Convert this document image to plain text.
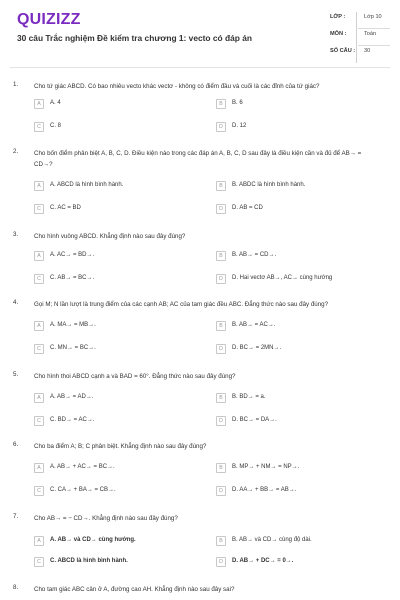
QUIZIZZ
30 câu Trắc nghiệm Đề kiểm tra chương 1: vecto có đáp án
LỚP :	Lớp 10
MÔN :	Toán
SỐ CÂU : 30
1.	Cho tứ giác ABCD. Có bao nhiêu vecto khác vectơ - không có điểm đầu và cuối là các đỉnh của tứ giác?
A	A. 4	B	B. 6
C	C. 8	D	D. 12
2.	Cho bốn điểm phân biệt A, B, C, D. Điều kiện nào trong các đáp án A, B, C, D sau đây là điều kiện cần và đủ để AB→ = CD→?
A	A. ABCD là hình bình hành.	B	B. ABDC là hình bình hành.
C	C. AC = BD	D	D. AB = CD
3.	Cho hình vuông ABCD. Khẳng định nào sau đây đúng?
A	A. AC→ = BD→.	B	B. AB→ = CD→.
C	C. AB→ = BC→.	D	D. Hai vectơ AB→, AC→ cùng hướng
4.	Gọi M; N lần lượt là trung điểm của các cạnh AB; AC của tam giác đều ABC. Đẳng thức nào sau đây đúng?
A	A. MA→ = MB→.	B	B. AB→ = AC→.
C	C. MN→ = BC→.	D	D. BC→ = 2MN→.
5.	Cho hình thoi ABCD cạnh a và BAD = 60°. Đẳng thức nào sau đây đúng?
A	A. AB→ = AD→.	B	B. BD→ = a.
C	C. BD→ = AC→.	D	D. BC→ = DA→.
6.	Cho ba điểm A; B; C phân biệt. Khẳng định nào sau đây đúng?
A	A. AB→ + AC→ = BC→.	B	B. MP→ + NM→ = NP→.
C	C. CA→ + BA→ = CB→.	D	D. AA→ + BB→ = AB→.
7.	Cho AB→ = − CD→. Khẳng định nào sau đây đúng?
A	A. AB→ và CD→ cùng hướng.	B	B. AB→ và CD→ cùng độ dài.
C	C. ABCD là hình bình hành.	D	D. AB→ + DC→ = 0→.
8.	Cho tam giác ABC cân ở A, đường cao AH. Khẳng định nào sau đây sai?
